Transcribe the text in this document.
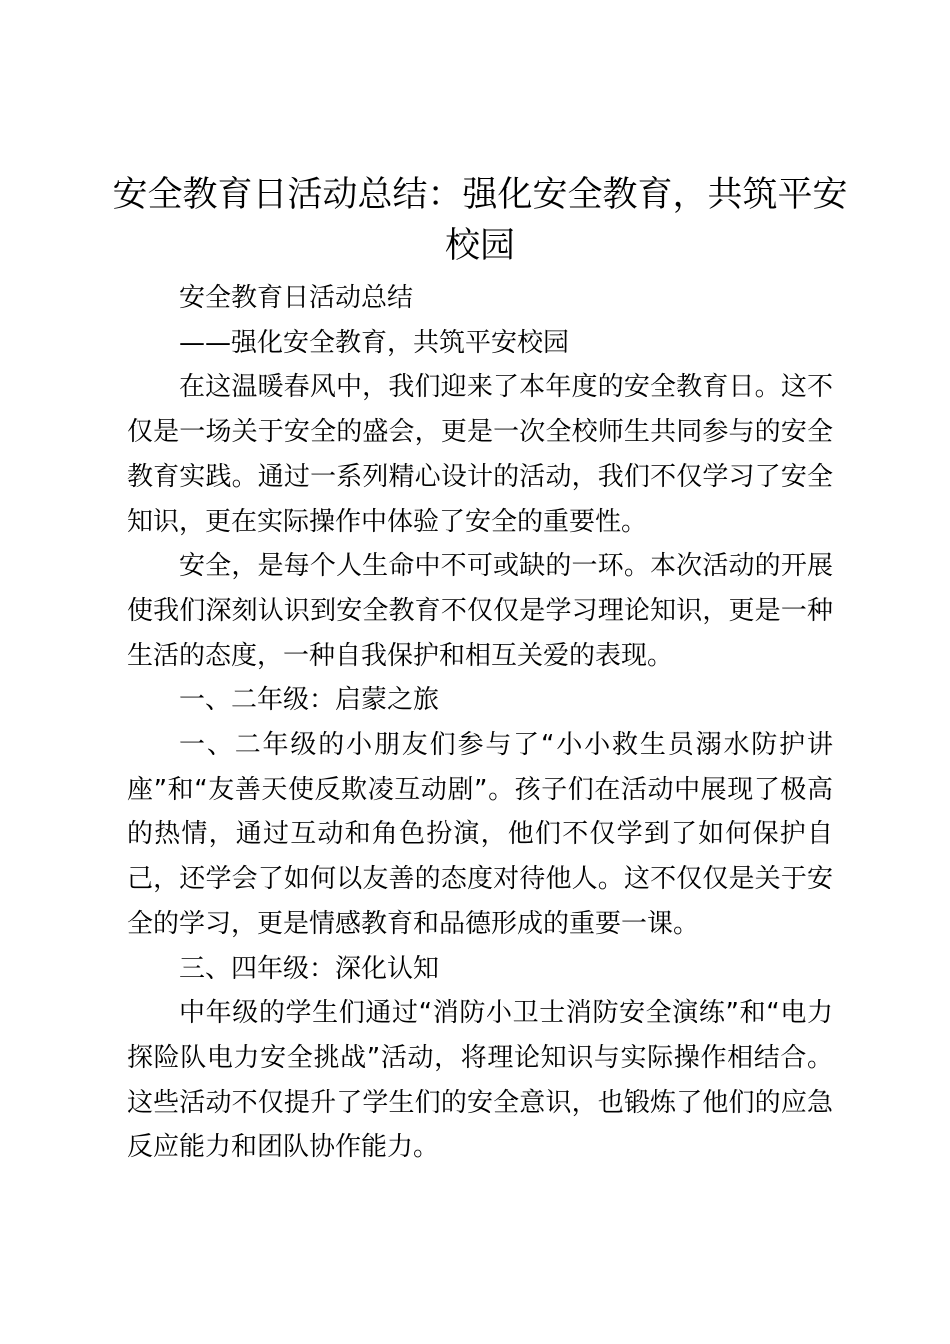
安全教育日活动总结：强化安全教育，共筑平安校园

安全教育日活动总结

——强化安全教育，共筑平安校园

在这温暖春风中，我们迎来了本年度的安全教育日。这不仅是一场关于安全的盛会，更是一次全校师生共同参与的安全教育实践。通过一系列精心设计的活动，我们不仅学习了安全知识，更在实际操作中体验了安全的重要性。

安全，是每个人生命中不可或缺的一环。本次活动的开展使我们深刻认识到安全教育不仅仅是学习理论知识，更是一种生活的态度，一种自我保护和相互关爱的表现。

一、二年级：启蒙之旅

一、二年级的小朋友们参与了“小小救生员溺水防护讲座”和“友善天使反欺凌互动剧”。孩子们在活动中展现了极高的热情，通过互动和角色扮演，他们不仅学到了如何保护自己，还学会了如何以友善的态度对待他人。这不仅仅是关于安全的学习，更是情感教育和品德形成的重要一课。

三、四年级：深化认知

中年级的学生们通过“消防小卫士消防安全演练”和“电力探险队电力安全挑战”活动，将理论知识与实际操作相结合。这些活动不仅提升了学生们的安全意识，也锻炼了他们的应急反应能力和团队协作能力。
